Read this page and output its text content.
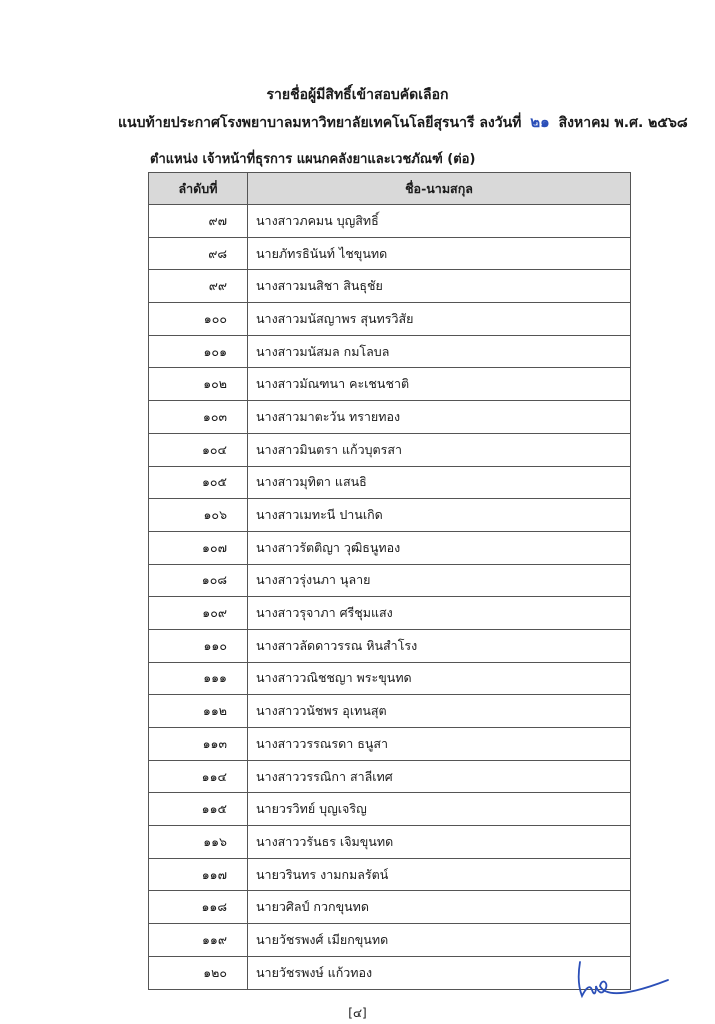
รายชื่อผู้มีสิทธิ์เข้าสอบคัดเลือก
แนบท้ายประกาศโรงพยาบาลมหาวิทยาลัยเทคโนโลยีสุรนารี ลงวันที่ ๒๑ สิงหาคม พ.ศ. ๒๕๖๘
ตำแหน่ง เจ้าหน้าที่ธุรการ แผนกคลังยาและเวชภัณฑ์ (ต่อ)
ลำดับที่	ชื่อ-นามสกุล
๙๗	นางสาวภคมน บุญสิทธิ์
๙๘	นายภัทรธินันท์ ไชขุนทด
๙๙	นางสาวมนสิชา สินธุชัย
๑๐๐	นางสาวมนัสญาพร สุนทรวิสัย
๑๐๑	นางสาวมนัสมล กมโลบล
๑๐๒	นางสาวมัณฑนา คะเชนชาติ
๑๐๓	นางสาวมาตะวัน ทรายทอง
๑๐๔	นางสาวมินตรา แก้วบุตรสา
๑๐๕	นางสาวมุทิตา แสนธิ
๑๐๖	นางสาวเมทะนี ปานเกิด
๑๐๗	นางสาวรัตติญา วุฒิธนูทอง
๑๐๘	นางสาวรุ่งนภา นุลาย
๑๐๙	นางสาวรุจาภา ศรีชุมแสง
๑๑๐	นางสาวลัดดาวรรณ หินสำโรง
๑๑๑	นางสาววณิชชญา พระขุนทด
๑๑๒	นางสาววนัชพร อุเทนสุต
๑๑๓	นางสาววรรณรดา ธนูสา
๑๑๔	นางสาววรรณิกา สาลีเทศ
๑๑๕	นายวรวิทย์ บุญเจริญ
๑๑๖	นางสาววรันธร เจิมขุนทด
๑๑๗	นายวรินทร งามกมลรัตน์
๑๑๘	นายวศิลป์ กวกขุนทด
๑๑๙	นายวัชรพงศ์ เมียกขุนทด
๑๒๐	นายวัชรพงษ์ แก้วทอง
[๔]
